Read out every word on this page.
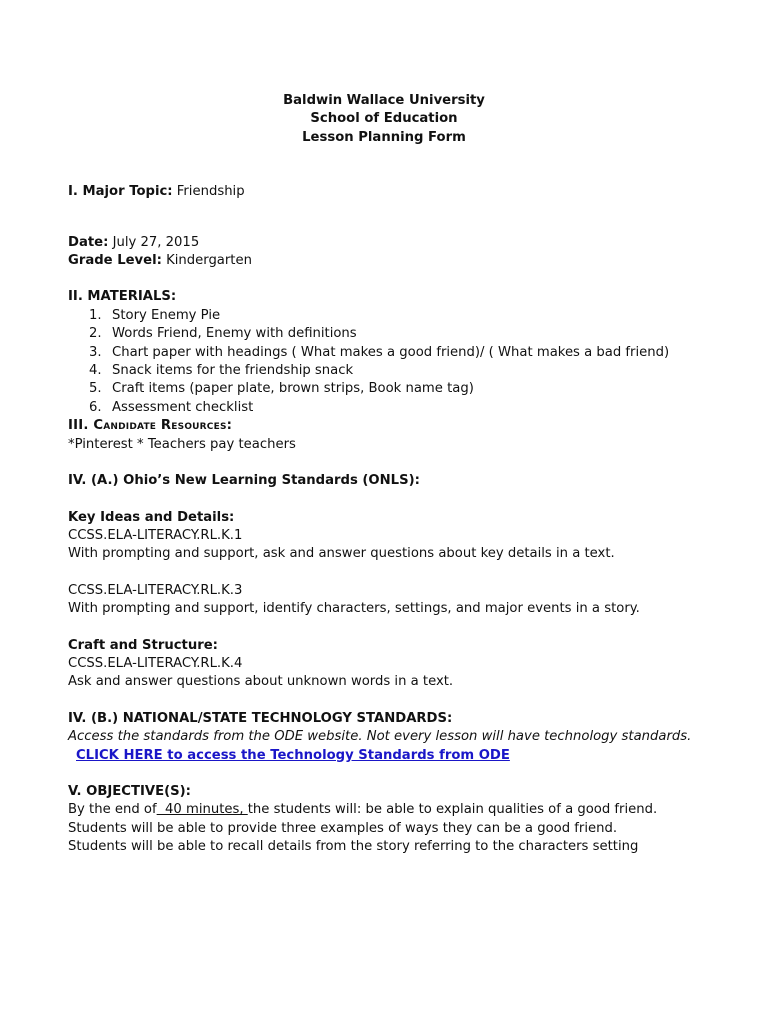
Baldwin Wallace University
School of Education
Lesson Planning Form
I. Major Topic: Friendship
Date: July 27, 2015
Grade Level: Kindergarten
II. MATERIALS:
1. Story Enemy Pie
2. Words Friend, Enemy with definitions
3. Chart paper with headings ( What makes a good friend)/ ( What makes a bad friend)
4. Snack items for the friendship snack
5. Craft items (paper plate, brown strips, Book name tag)
6. Assessment checklist
III. Candidate Resources:
*Pinterest * Teachers pay teachers
IV. (A.) Ohio’s New Learning Standards (ONLS):
Key Ideas and Details:
CCSS.ELA-LITERACY.RL.K.1
With prompting and support, ask and answer questions about key details in a text.
CCSS.ELA-LITERACY.RL.K.3
With prompting and support, identify characters, settings, and major events in a story.
Craft and Structure:
CCSS.ELA-LITERACY.RL.K.4
Ask and answer questions about unknown words in a text.
IV. (B.) NATIONAL/STATE TECHNOLOGY STANDARDS:
Access the standards from the ODE website. Not every lesson will have technology standards.
CLICK HERE to access the Technology Standards from ODE
V. OBJECTIVE(S):
By the end of  40 minutes, the students will: be able to explain qualities of a good friend.
Students will be able to provide three examples of ways they can be a good friend.
Students will be able to recall details from the story referring to the characters setting
